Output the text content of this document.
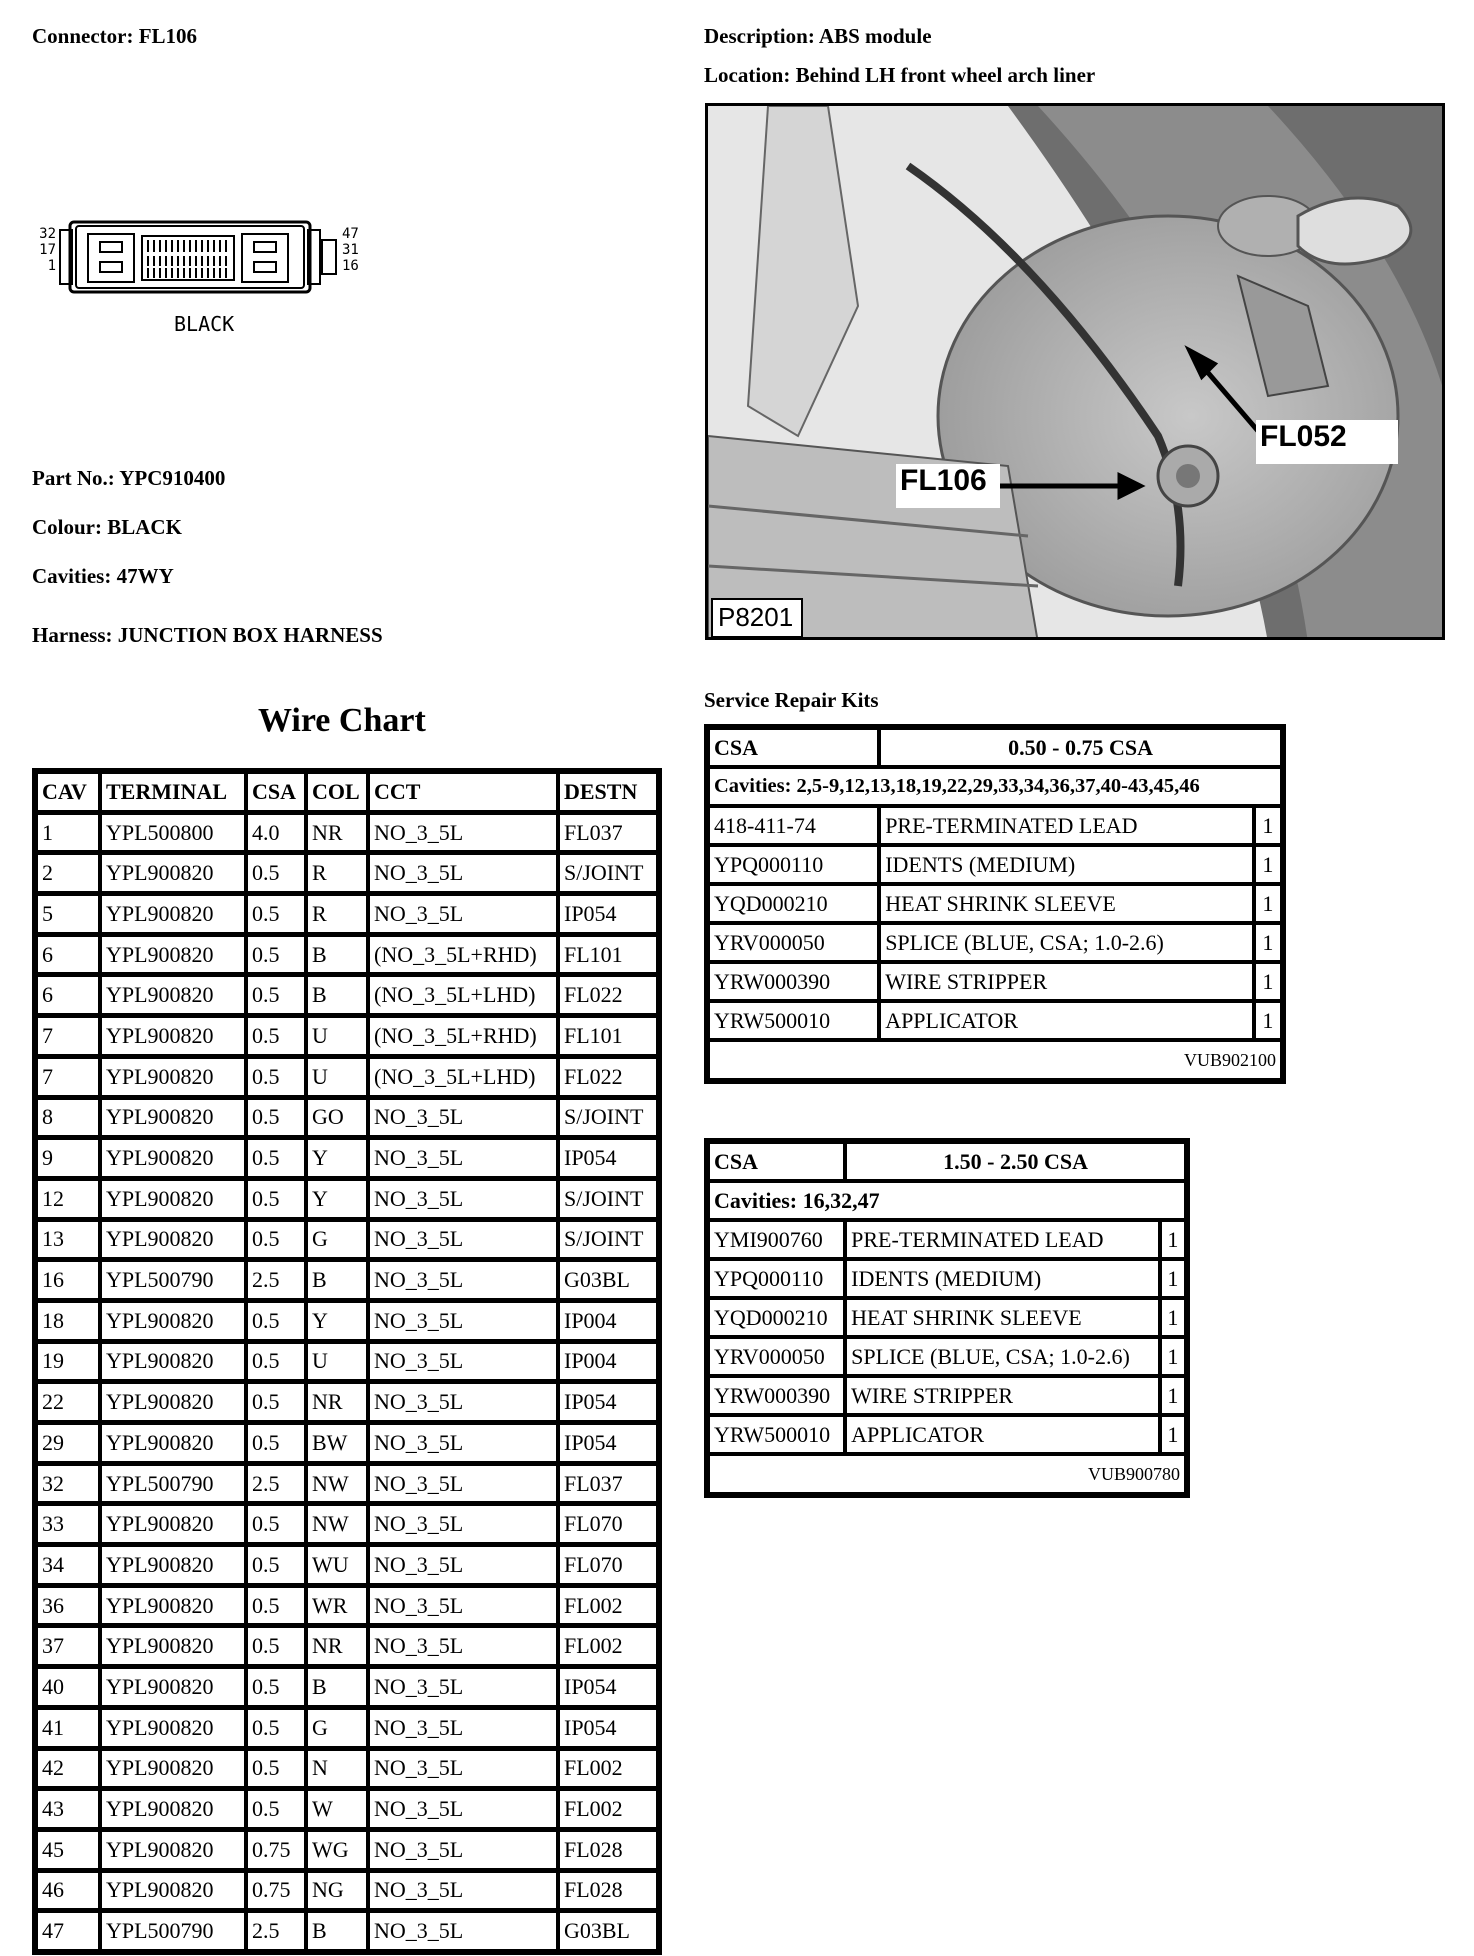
Connector: FL106	Description: ABS module
Location: Behind LH front wheel arch liner
32
17
1
47
31
16
BLACK
Part No.: YPC910400
Colour: BLACK
Cavities: 47WY
Harness: JUNCTION BOX HARNESS
FL052
FL106
P8201
Wire Chart
CAV	TERMINAL	CSA	COL	CCT	DESTN
1	YPL500800	4.0	NR	NO_3_5L	FL037
2	YPL900820	0.5	R	NO_3_5L	S/JOINT
5	YPL900820	0.5	R	NO_3_5L	IP054
6	YPL900820	0.5	B	(NO_3_5L+RHD)	FL101
6	YPL900820	0.5	B	(NO_3_5L+LHD)	FL022
7	YPL900820	0.5	U	(NO_3_5L+RHD)	FL101
7	YPL900820	0.5	U	(NO_3_5L+LHD)	FL022
8	YPL900820	0.5	GO	NO_3_5L	S/JOINT
9	YPL900820	0.5	Y	NO_3_5L	IP054
12	YPL900820	0.5	Y	NO_3_5L	S/JOINT
13	YPL900820	0.5	G	NO_3_5L	S/JOINT
16	YPL500790	2.5	B	NO_3_5L	G03BL
18	YPL900820	0.5	Y	NO_3_5L	IP004
19	YPL900820	0.5	U	NO_3_5L	IP004
22	YPL900820	0.5	NR	NO_3_5L	IP054
29	YPL900820	0.5	BW	NO_3_5L	IP054
32	YPL500790	2.5	NW	NO_3_5L	FL037
33	YPL900820	0.5	NW	NO_3_5L	FL070
34	YPL900820	0.5	WU	NO_3_5L	FL070
36	YPL900820	0.5	WR	NO_3_5L	FL002
37	YPL900820	0.5	NR	NO_3_5L	FL002
40	YPL900820	0.5	B	NO_3_5L	IP054
41	YPL900820	0.5	G	NO_3_5L	IP054
42	YPL900820	0.5	N	NO_3_5L	FL002
43	YPL900820	0.5	W	NO_3_5L	FL002
45	YPL900820	0.75	WG	NO_3_5L	FL028
46	YPL900820	0.75	NG	NO_3_5L	FL028
47	YPL500790	2.5	B	NO_3_5L	G03BL
Service Repair Kits
CSA	0.50 - 0.75 CSA	
Cavities: 2,5-9,12,13,18,19,22,29,33,34,36,37,40-43,45,46		
418-411-74	PRE-TERMINATED LEAD	1
YPQ000110	IDENTS (MEDIUM)	1
YQD000210	HEAT SHRINK SLEEVE	1
YRV000050	SPLICE (BLUE, CSA; 1.0-2.6)	1
YRW000390	WIRE STRIPPER	1
YRW500010	APPLICATOR	1
VUB902100		
CSA	1.50 - 2.50 CSA	
Cavities: 16,32,47		
YMI900760	PRE-TERMINATED LEAD	1
YPQ000110	IDENTS (MEDIUM)	1
YQD000210	HEAT SHRINK SLEEVE	1
YRV000050	SPLICE (BLUE, CSA; 1.0-2.6)	1
YRW000390	WIRE STRIPPER	1
YRW500010	APPLICATOR	1
VUB900780		
